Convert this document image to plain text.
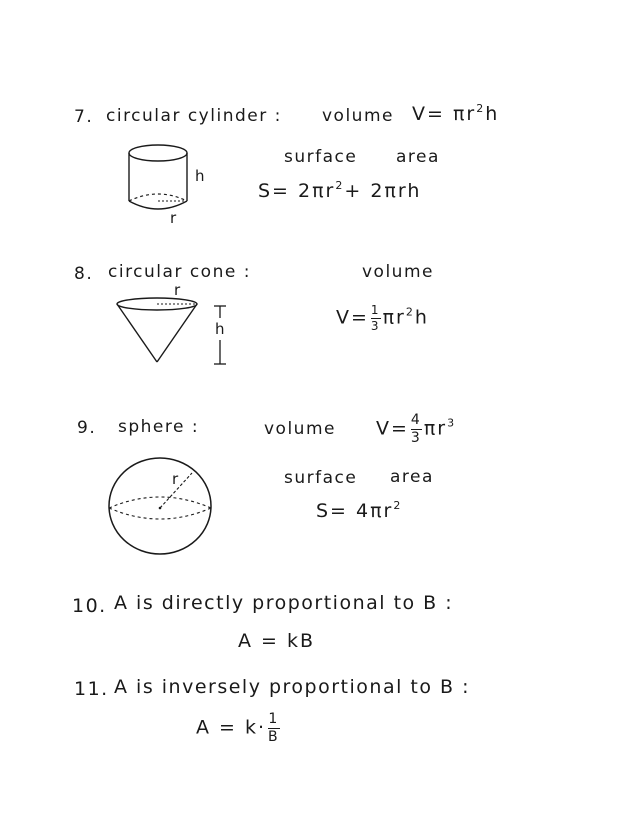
7. circular cylinder : volume $V= \pi r^2h$
surface area
$S= 2\pi r^2+ 2\pi rh$
h
r
8. circular cone :	volume
$V= \frac{1}{3} \pi r^2h$
r
h
9. sphere :	volume $V= \frac{4}{3} \pi r^3$
surface area
$S= 4\pi r^2$
r
10. A is directly proportional to B :
A = kB
11. A is inversely proportional to B :
$A = k\cdot \frac{1}{B}$
